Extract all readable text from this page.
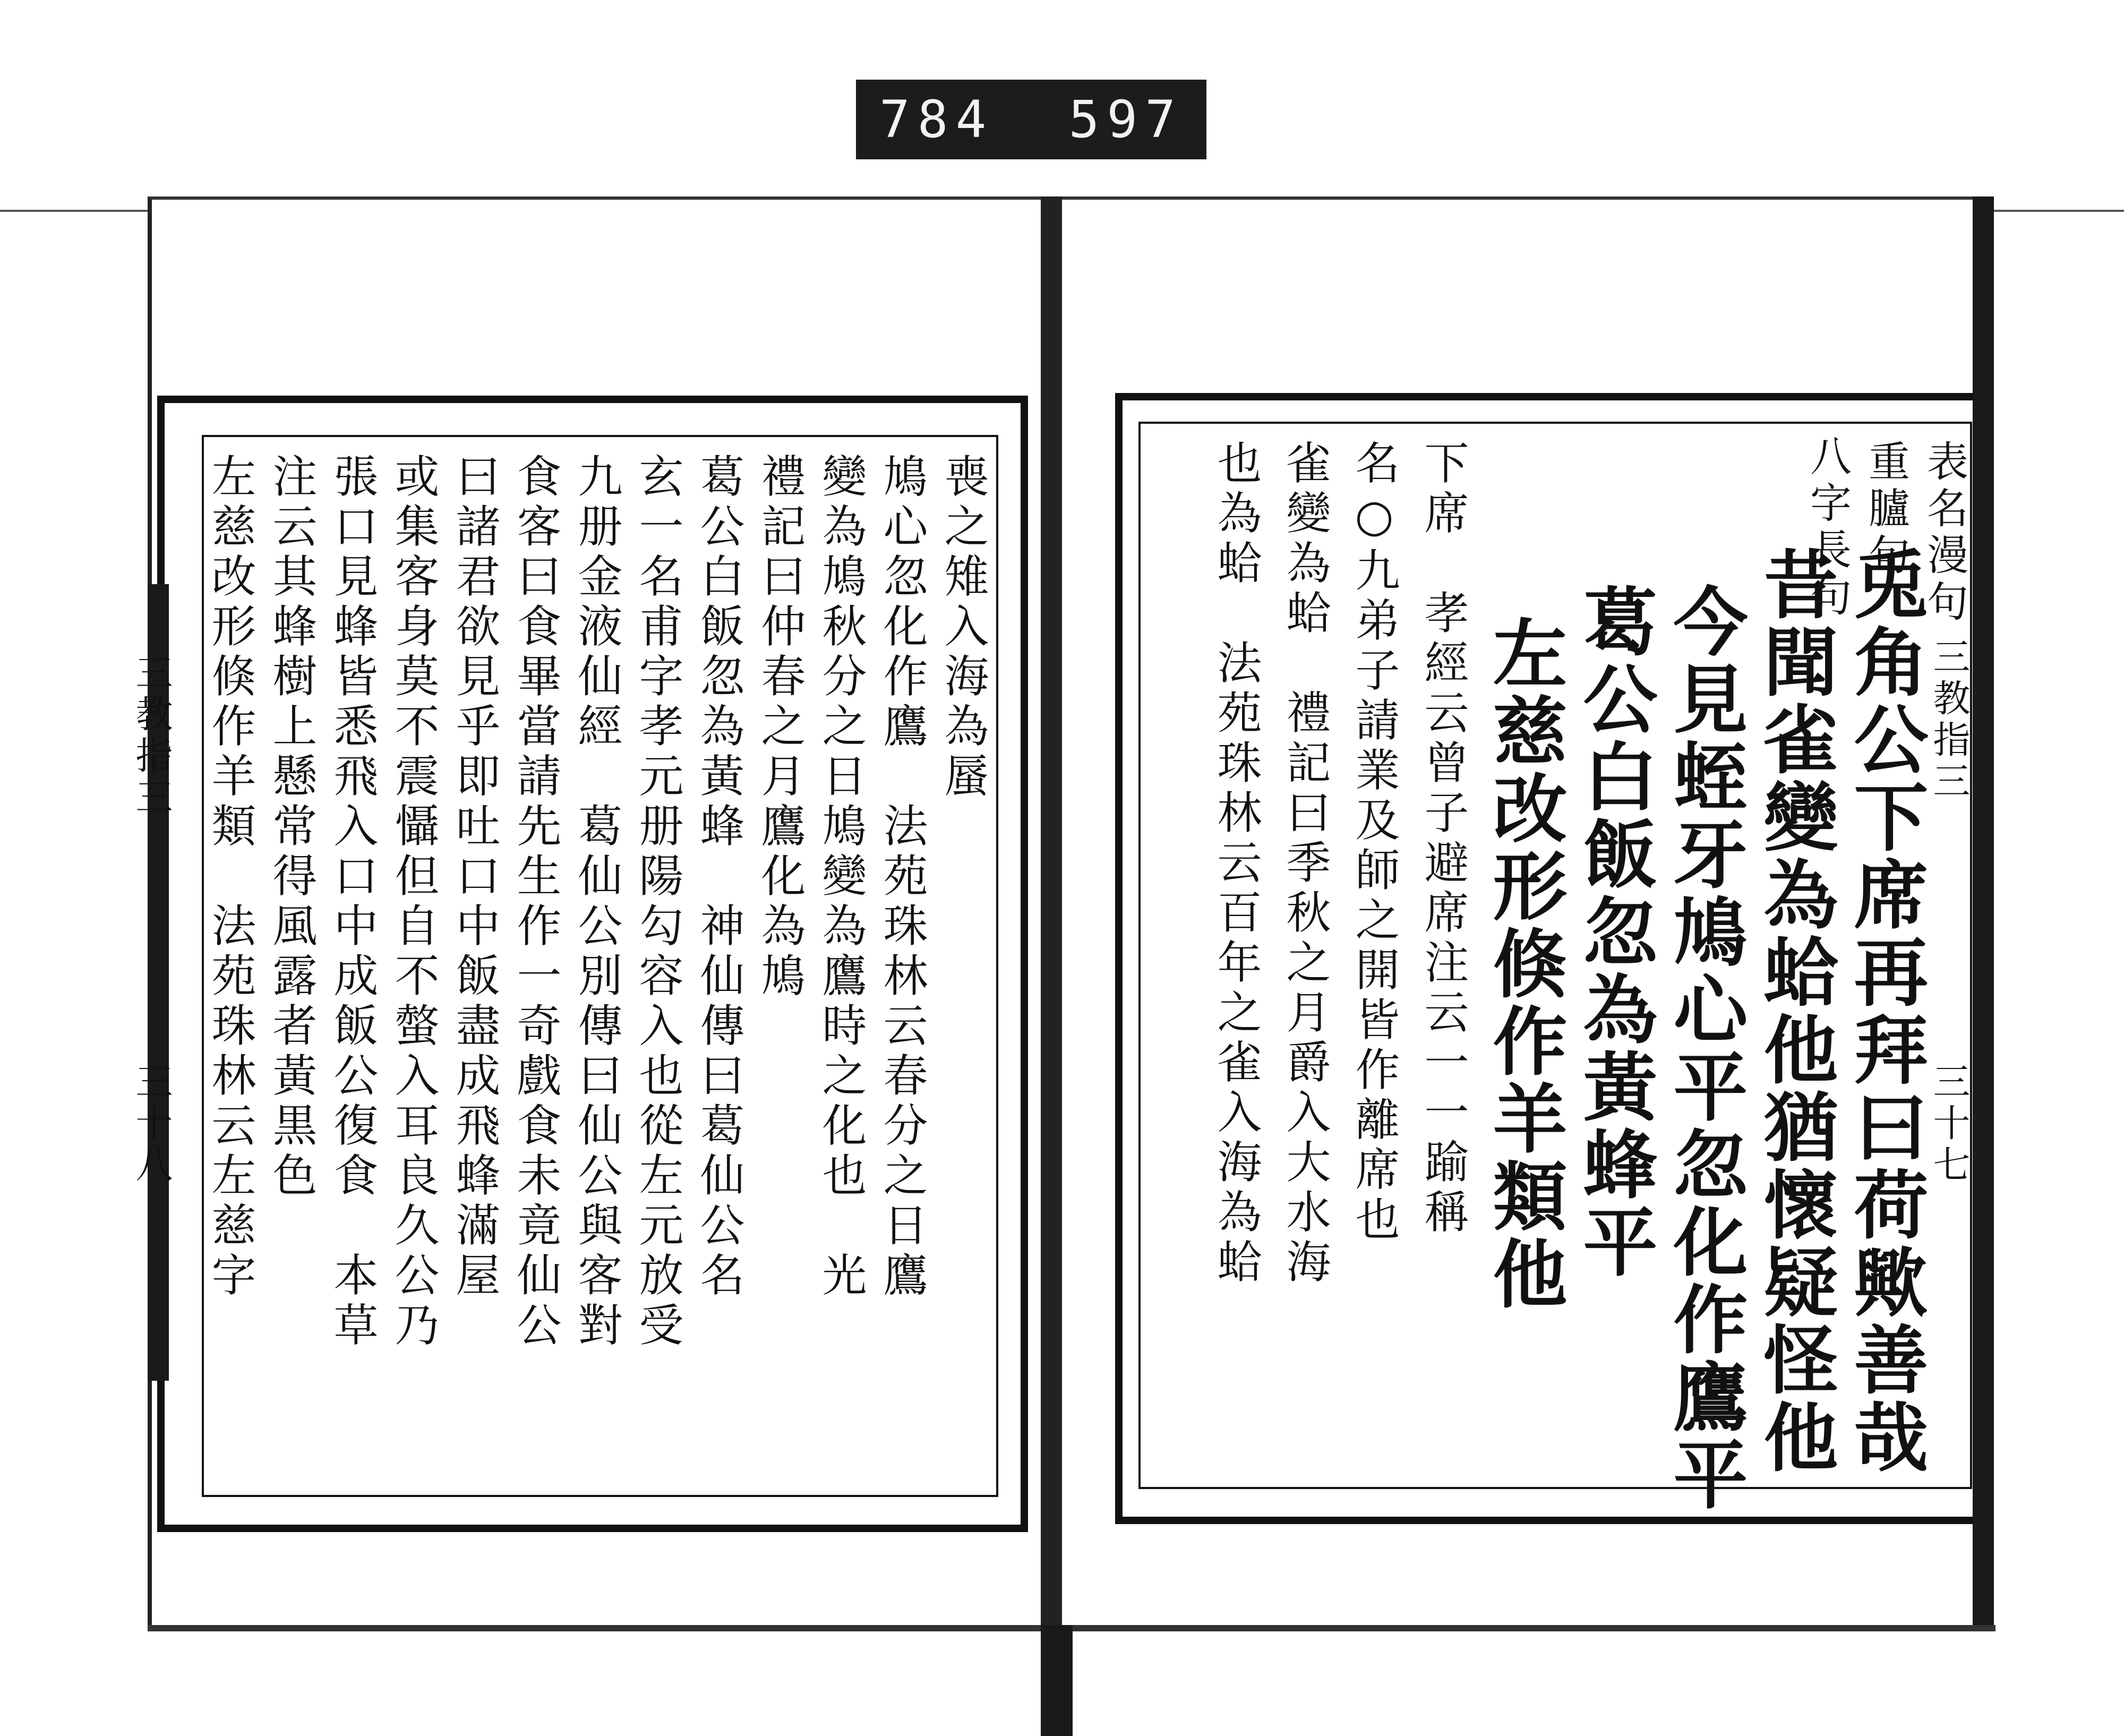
784 597
喪之雉入海為蜃
鳩心忽化作鷹　法苑珠林云春分之日鷹
變為鳩秋分之日鳩變為鷹時之化也　光
禮記曰仲春之月鷹化為鳩
葛公白飯忽為黃蜂　神仙傳曰葛仙公名
玄一名甫字孝元册陽勾容入也從左元放受
九册金液仙經　葛仙公別傳曰仙公與客對
食客曰食畢當請先生作一奇戲食未竟仙公
曰諸君欲見乎即吐口中飯盡成飛蜂滿屋
或集客身莫不震懾但自不螫入耳良久公乃
張口見蜂皆悉飛入口中成飯公復食　本草
注云其蜂樹上懸常得風露者黃黒色
左慈改形倏作羊類　法苑珠林云左慈字
三教指三
三十八
表名漫句
重臚句
八字長句
兎角公下席再拜曰荷歟善哉
昔聞雀變為蛤他猶懷疑怪他
今見蛭牙鳩心平忽化作鷹平
葛公白飯忽為黃蜂平
左慈改形倏作羊類他
下席　孝經云曾子避席注云一一踰稱
名○九弟子請業及師之開皆作離席也
雀變為蛤　禮記曰季秋之月爵入大水海
也為蛤　法苑珠林云百年之雀入海為蛤	三教指三
三十七
